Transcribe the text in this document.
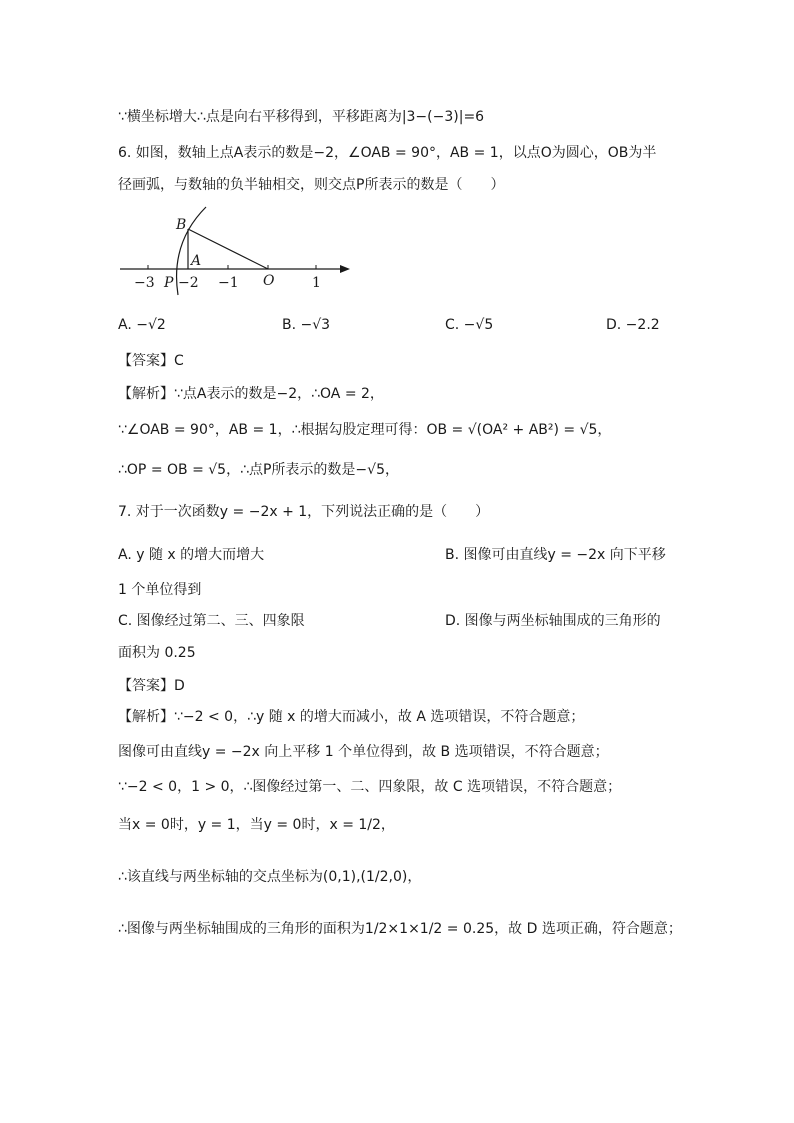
∵横坐标增大∴点是向右平移得到，平移距离为|3−(−3)|=6
6. 如图，数轴上点A表示的数是−2，∠OAB = 90°，AB = 1，以点O为圆心，OB为半
径画弧，与数轴的负半轴相交，则交点P所表示的数是（　　）
−3 −2 −1	1
B
A
P	O
A. −√2	B. −√3	C. −√5	D. −2.2
【答案】C
【解析】∵点A表示的数是−2，∴OA = 2，
∵∠OAB = 90°，AB = 1，∴根据勾股定理可得：OB = √(OA² + AB²) = √5，
∴OP = OB = √5，∴点P所表示的数是−√5，
7. 对于一次函数y = −2x + 1，下列说法正确的是（　　）
A. y 随 x 的增大而增大	B. 图像可由直线y = −2x 向下平移
1 个单位得到
C. 图像经过第二、三、四象限	D. 图像与两坐标轴围成的三角形的
面积为 0.25
【答案】D
【解析】∵−2 < 0，∴y 随 x 的增大而减小，故 A 选项错误，不符合题意；
图像可由直线y = −2x 向上平移 1 个单位得到，故 B 选项错误，不符合题意；
∵−2 < 0，1 > 0，∴图像经过第一、二、四象限，故 C 选项错误，不符合题意；
当x = 0时，y = 1，当y = 0时，x = 1/2，
∴该直线与两坐标轴的交点坐标为(0,1),(1/2,0)，
∴图像与两坐标轴围成的三角形的面积为1/2×1×1/2 = 0.25，故 D 选项正确，符合题意；
